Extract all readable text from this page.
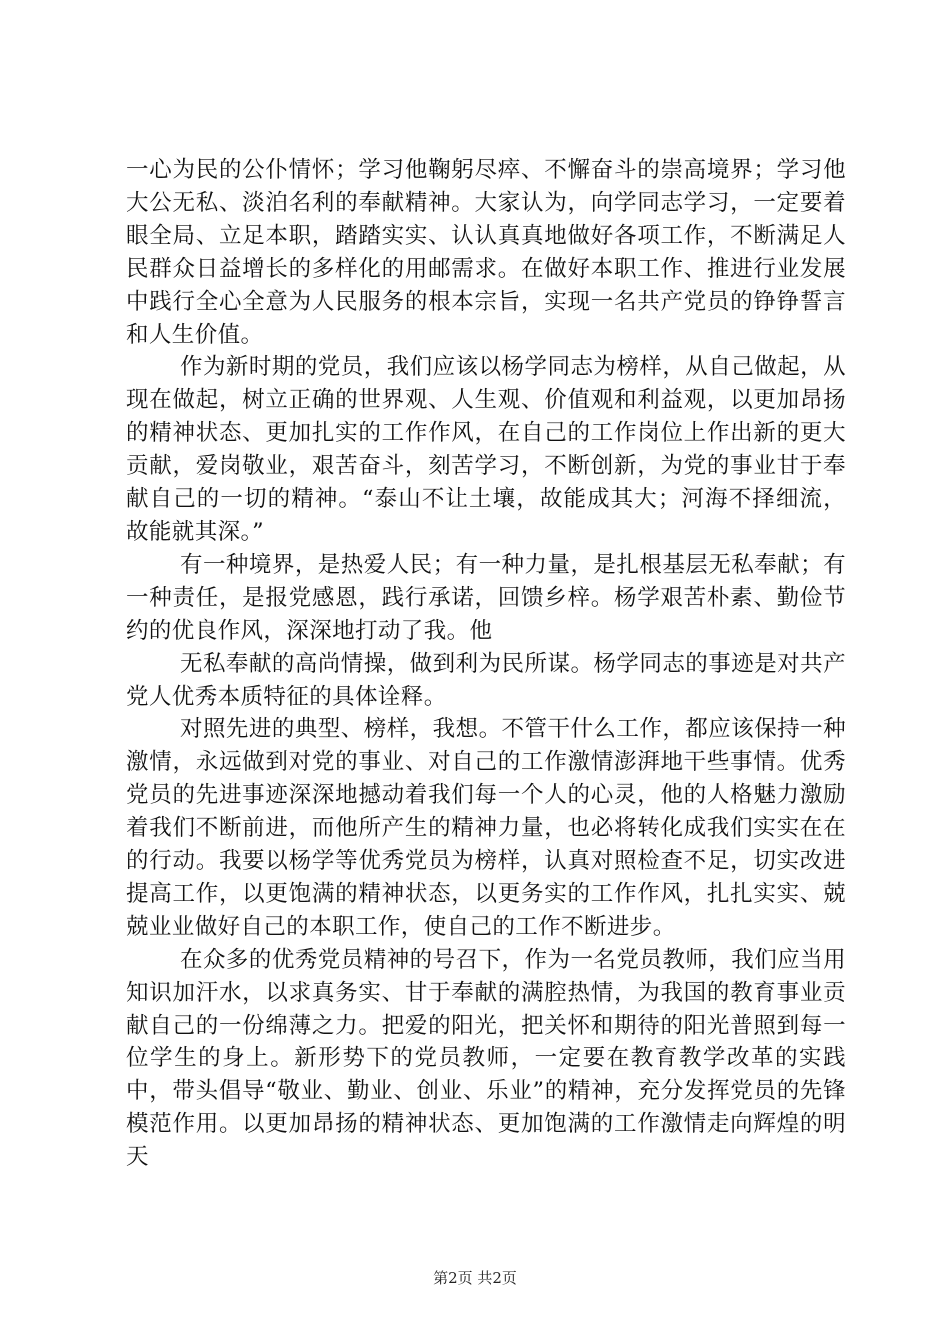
一心为民的公仆情怀；学习他鞠躬尽瘁、不懈奋斗的崇高境界；学习他大公无私、淡泊名利的奉献精神。大家认为，向学同志学习，一定要着眼全局、立足本职，踏踏实实、认认真真地做好各项工作，不断满足人民群众日益增长的多样化的用邮需求。在做好本职工作、推进行业发展中践行全心全意为人民服务的根本宗旨，实现一名共产党员的铮铮誓言和人生价值。

作为新时期的党员，我们应该以杨学同志为榜样，从自己做起，从现在做起，树立正确的世界观、人生观、价值观和利益观，以更加昂扬的精神状态、更加扎实的工作作风，在自己的工作岗位上作出新的更大贡献，爱岗敬业，艰苦奋斗，刻苦学习，不断创新，为党的事业甘于奉献自己的一切的精神。“泰山不让土壤，故能成其大；河海不择细流，故能就其深。”

有一种境界，是热爱人民；有一种力量，是扎根基层无私奉献；有一种责任，是报党感恩，践行承诺，回馈乡梓。杨学艰苦朴素、勤俭节约的优良作风，深深地打动了我。他

无私奉献的高尚情操，做到利为民所谋。杨学同志的事迹是对共产党人优秀本质特征的具体诠释。

对照先进的典型、榜样，我想。不管干什么工作，都应该保持一种激情，永远做到对党的事业、对自己的工作激情澎湃地干些事情。优秀党员的先进事迹深深地撼动着我们每一个人的心灵，他的人格魅力激励着我们不断前进，而他所产生的精神力量，也必将转化成我们实实在在的行动。我要以杨学等优秀党员为榜样，认真对照检查不足，切实改进提高工作，以更饱满的精神状态，以更务实的工作作风，扎扎实实、兢兢业业做好自己的本职工作，使自己的工作不断进步。

在众多的优秀党员精神的号召下，作为一名党员教师，我们应当用知识加汗水，以求真务实、甘于奉献的满腔热情，为我国的教育事业贡献自己的一份绵薄之力。把爱的阳光，把关怀和期待的阳光普照到每一位学生的身上。新形势下的党员教师，一定要在教育教学改革的实践中，带头倡导“敬业、勤业、创业、乐业”的精神，充分发挥党员的先锋模范作用。以更加昂扬的精神状态、更加饱满的工作激情走向辉煌的明天

第2页 共2页
